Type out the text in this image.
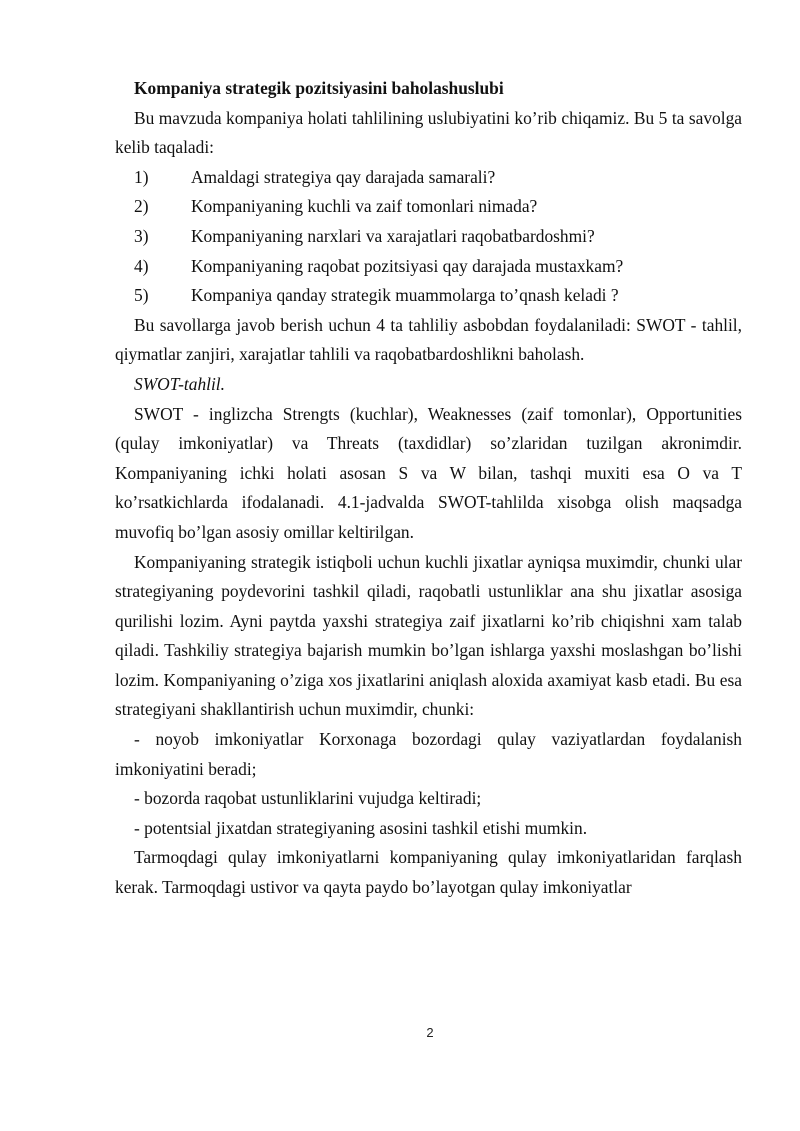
Kompaniya strategik pozitsiyasini baholashuslubi

Bu mavzuda kompaniya holati tahlilining uslubiyatini ko’rib chiqamiz. Bu 5 ta savolga kelib taqaladi:

1)	Amaldagi strategiya qay darajada samarali?
2)	Kompaniyaning kuchli va zaif tomonlari nimada?
3)	Kompaniyaning narxlari va xarajatlari raqobatbardoshmi?
4)	Kompaniyaning raqobat pozitsiyasi qay darajada mustaxkam?
5)	Kompaniya qanday strategik muammolarga to’qnash keladi ?

Bu savollarga javob berish uchun 4 ta tahliliy asbobdan foydalaniladi: SWOT - tahlil, qiymatlar zanjiri, xarajatlar tahlili va raqobatbardoshlikni baholash.

SWOT-tahlil.

SWOT - inglizcha Strengts (kuchlar), Weaknesses (zaif tomonlar), Opportunities (qulay imkoniyatlar) va Threats (taxdidlar) so’zlaridan tuzilgan akronimdir. Kompaniyaning ichki holati asosan S va W bilan, tashqi muxiti esa O va T ko’rsatkichlarda ifodalanadi. 4.1-jadvalda SWOT-tahlilda xisobga olish maqsadga muvofiq bo’lgan asosiy omillar keltirilgan.

Kompaniyaning strategik istiqboli uchun kuchli jixatlar ayniqsa muximdir, chunki ular strategiyaning poydevorini tashkil qiladi, raqobatli ustunliklar ana shu jixatlar asosiga qurilishi lozim. Ayni paytda yaxshi strategiya zaif jixatlarni ko’rib chiqishni xam talab qiladi. Tashkiliy strategiya bajarish mumkin bo’lgan ishlarga yaxshi moslashgan bo’lishi lozim. Kompaniyaning o’ziga xos jixatlarini aniqlash aloxida axamiyat kasb etadi. Bu esa strategiyani shakllantirish uchun muximdir, chunki:

- noyob imkoniyatlar Korxonaga bozordagi qulay vaziyatlardan foydalanish imkoniyatini beradi;

- bozorda raqobat ustunliklarini vujudga keltiradi;

- potentsial jixatdan strategiyaning asosini tashkil etishi mumkin.

Tarmoqdagi qulay imkoniyatlarni kompaniyaning qulay imkoniyatlaridan farqlash kerak. Tarmoqdagi ustivor va qayta paydo bo’layotgan qulay imkoniyatlar

2
